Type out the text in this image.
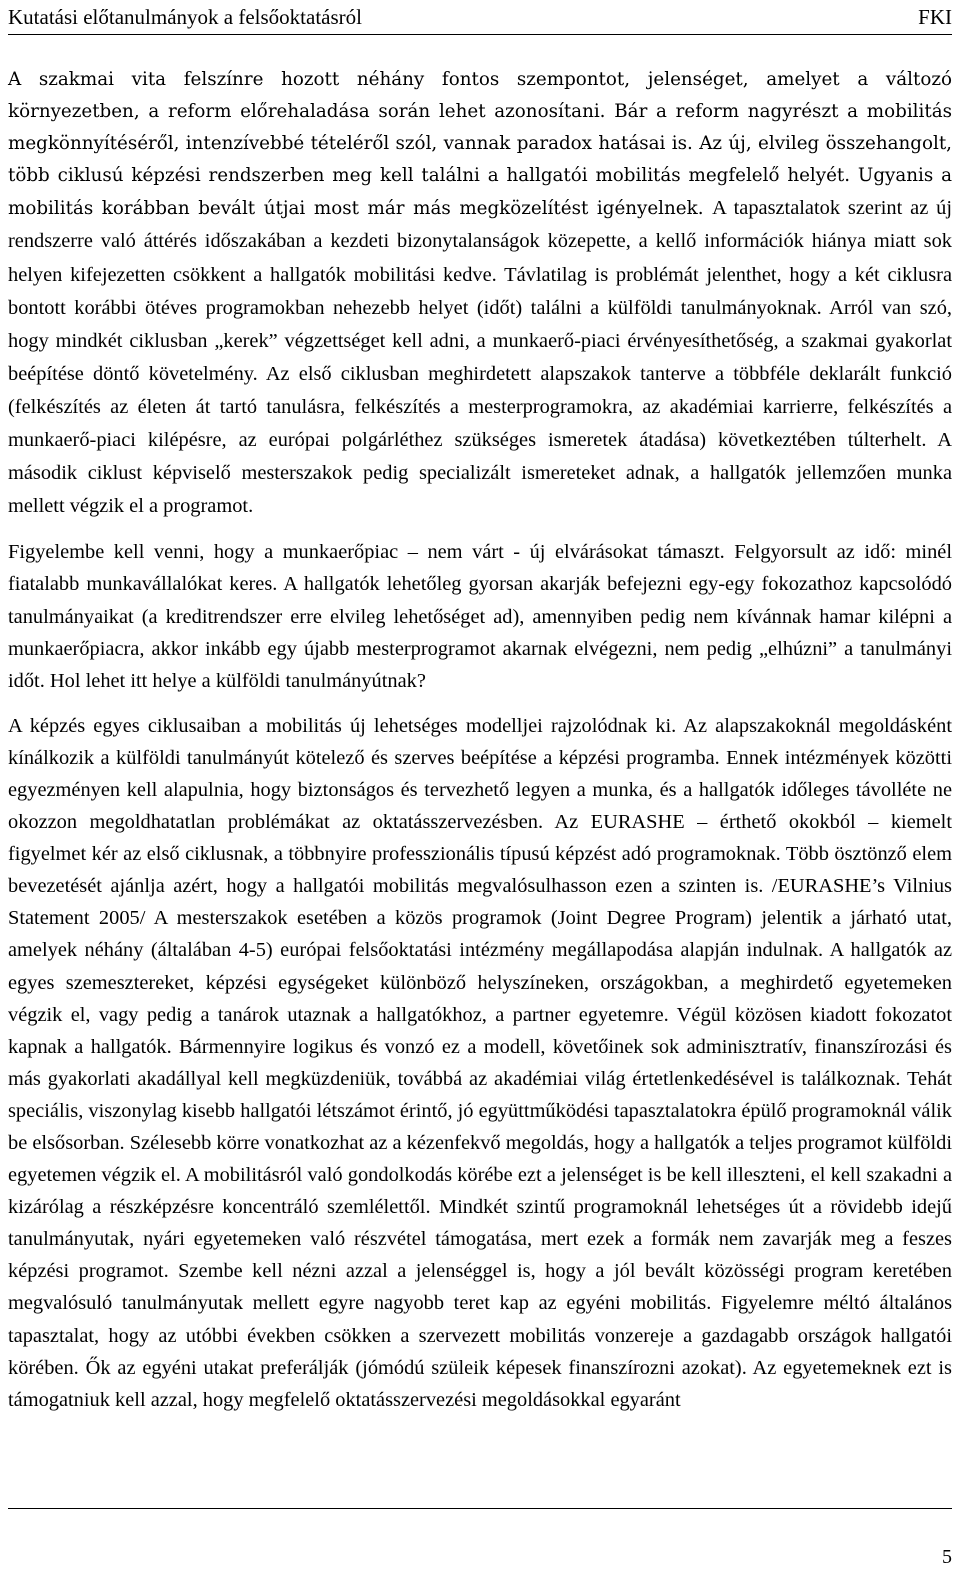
Kutatási előtanulmányok a felsőoktatásról	FKI

A szakmai vita felszínre hozott néhány fontos szempontot, jelenséget, amelyet a változó környezetben, a reform előrehaladása során lehet azonosítani. Bár a reform nagyrészt a mobilitás megkönnyítéséről, intenzívebbé tételéről szól, vannak paradox hatásai is. Az új, elvileg összehangolt, több ciklusú képzési rendszerben meg kell találni a hallgatói mobilitás megfelelő helyét. Ugyanis a mobilitás korábban bevált útjai most már más megközelítést igényelnek. A tapasztalatok szerint az új rendszerre való áttérés időszakában a kezdeti bizonytalanságok közepette, a kellő információk hiánya miatt sok helyen kifejezetten csökkent a hallgatók mobilitási kedve. Távlatilag is problémát jelenthet, hogy a két ciklusra bontott korábbi ötéves programokban nehezebb helyet (időt) találni a külföldi tanulmányoknak. Arról van szó, hogy mindkét ciklusban „kerek” végzettséget kell adni, a munkaerő-piaci érvényesíthetőség, a szakmai gyakorlat beépítése döntő követelmény. Az első ciklusban meghirdetett alapszakok tanterve a többféle deklarált funkció (felkészítés az életen át tartó tanulásra, felkészítés a mesterprogramokra, az akadémiai karrierre, felkészítés a munkaerő-piaci kilépésre, az európai polgárléthez szükséges ismeretek átadása) következtében túlterhelt. A második ciklust képviselő mesterszakok pedig specializált ismereteket adnak, a hallgatók jellemzően munka mellett végzik el a programot.

Figyelembe kell venni, hogy a munkaerőpiac – nem várt - új elvárásokat támaszt. Felgyorsult az idő: minél fiatalabb munkavállalókat keres. A hallgatók lehetőleg gyorsan akarják befejezni egy-egy fokozathoz kapcsolódó tanulmányaikat (a kreditrendszer erre elvileg lehetőséget ad), amennyiben pedig nem kívánnak hamar kilépni a munkaerőpiacra, akkor inkább egy újabb mesterprogramot akarnak elvégezni, nem pedig „elhúzni” a tanulmányi időt. Hol lehet itt helye a külföldi tanulmányútnak?

A képzés egyes ciklusaiban a mobilitás új lehetséges modelljei rajzolódnak ki. Az alapszakoknál megoldásként kínálkozik a külföldi tanulmányút kötelező és szerves beépítése a képzési programba. Ennek intézmények közötti egyezményen kell alapulnia, hogy biztonságos és tervezhető legyen a munka, és a hallgatók időleges távolléte ne okozzon megoldhatatlan problémákat az oktatásszervezésben. Az EURASHE – érthető okokból – kiemelt figyelmet kér az első ciklusnak, a többnyire professzionális típusú képzést adó programoknak. Több ösztönző elem bevezetését ajánlja azért, hogy a hallgatói mobilitás megvalósulhasson ezen a szinten is. /EURASHE’s Vilnius Statement 2005/ A mesterszakok esetében a közös programok (Joint Degree Program) jelentik a járható utat, amelyek néhány (általában 4-5) európai felsőoktatási intézmény megállapodása alapján indulnak. A hallgatók az egyes szemesztereket, képzési egységeket különböző helyszíneken, országokban, a meghirdető egyetemeken végzik el, vagy pedig a tanárok utaznak a hallgatókhoz, a partner egyetemre. Végül közösen kiadott fokozatot kapnak a hallgatók. Bármennyire logikus és vonzó ez a modell, követőinek sok adminisztratív, finanszírozási és más gyakorlati akadállyal kell megküzdeniük, továbbá az akadémiai világ értetlenkedésével is találkoznak. Tehát speciális, viszonylag kisebb hallgatói létszámot érintő, jó együttműködési tapasztalatokra épülő programoknál válik be elsősorban. Szélesebb körre vonatkozhat az a kézenfekvő megoldás, hogy a hallgatók a teljes programot külföldi egyetemen végzik el. A mobilitásról való gondolkodás körébe ezt a jelenséget is be kell illeszteni, el kell szakadni a kizárólag a részképzésre koncentráló szemlélettől. Mindkét szintű programoknál lehetséges út a rövidebb idejű tanulmányutak, nyári egyetemeken való részvétel támogatása, mert ezek a formák nem zavarják meg a feszes képzési programot. Szembe kell nézni azzal a jelenséggel is, hogy a jól bevált közösségi program keretében megvalósuló tanulmányutak mellett egyre nagyobb teret kap az egyéni mobilitás. Figyelemre méltó általános tapasztalat, hogy az utóbbi években csökken a szervezett mobilitás vonzereje a gazdagabb országok hallgatói körében. Ők az egyéni utakat preferálják (jómódú szüleik képesek finanszírozni azokat). Az egyetemeknek ezt is támogatniuk kell azzal, hogy megfelelő oktatásszervezési megoldásokkal egyaránt

5
